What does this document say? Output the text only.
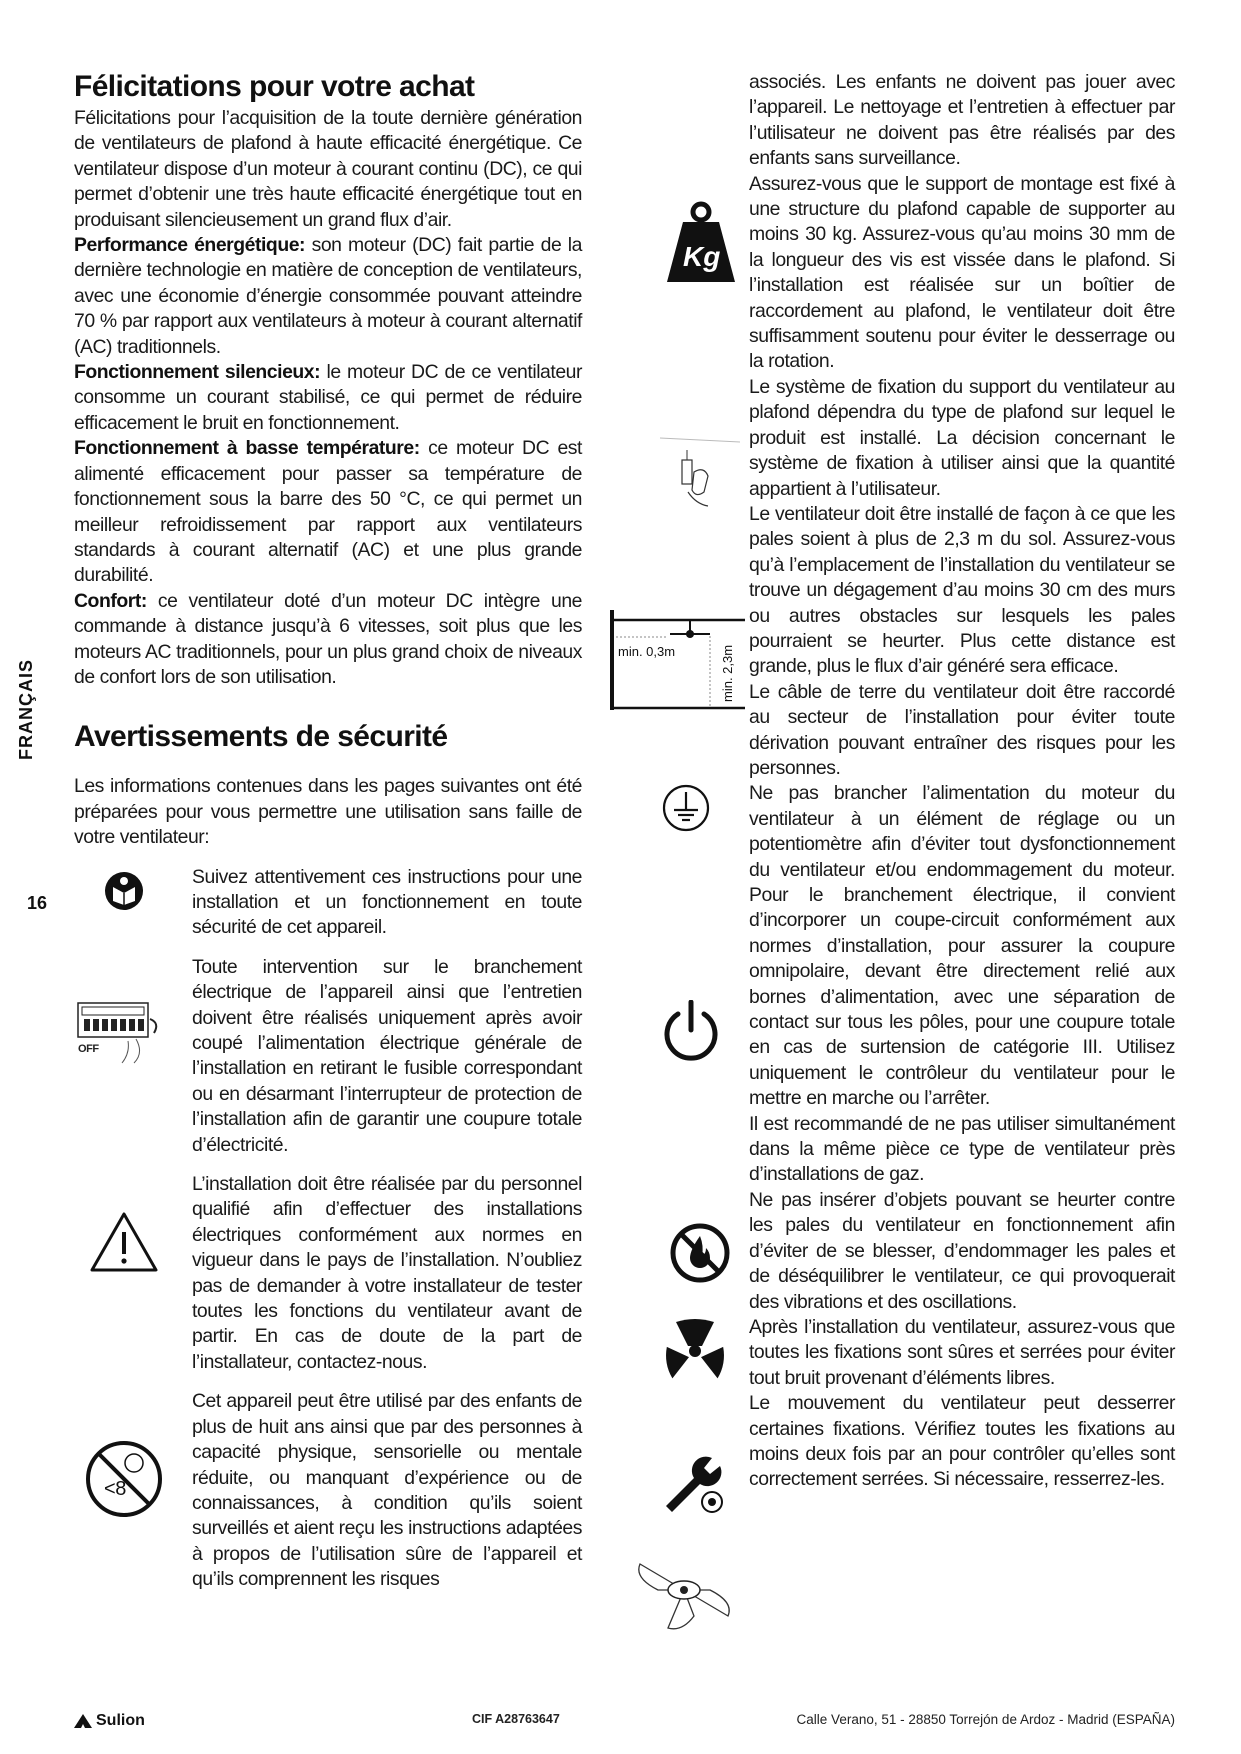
FRANÇAIS
16
Félicitations pour votre achat

Félicitations pour l’acquisition de la toute dernière génération de ventilateurs de plafond à haute efficacité énergétique. Ce ventilateur dispose d’un moteur à courant continu (DC), ce qui permet d’obtenir une très haute efficacité énergétique tout en produisant silencieusement un grand flux d’air.

Performance énergétique: son moteur (DC) fait partie de la dernière technologie en matière de conception de ventilateurs, avec une économie d’énergie consommée pouvant atteindre 70 % par rapport aux ventilateurs à moteur à courant alternatif (AC) traditionnels.

Fonctionnement silencieux: le moteur DC de ce ventilateur consomme un courant stabilisé, ce qui permet de réduire efficacement le bruit en fonctionnement.

Fonctionnement à basse température: ce moteur DC est alimenté efficacement pour passer sa température de fonctionnement sous la barre des 50 °C, ce qui permet un meilleur refroidissement par rapport aux ventilateurs standards à courant alternatif (AC) et une plus grande durabilité.

Confort: ce ventilateur doté d’un moteur DC intègre une commande à distance jusqu’à 6 vitesses, soit plus que les moteurs AC traditionnels, pour un plus grand choix de niveaux de confort lors de son utilisation.

Avertissements de sécurité

Les informations contenues dans les pages suivantes ont été préparées pour vous permettre une utilisation sans faille de votre ventilateur:

Suivez attentivement ces instructions pour une installation et un fonctionnement en toute sécurité de cet appareil.

OFF

Toute intervention sur le branchement électrique de l’appareil ainsi que l’entretien doivent être réalisés uniquement après avoir coupé l’alimentation électrique générale de l’installation en retirant le fusible correspondant ou en désarmant l’interrupteur de protection de l’installation afin de garantir une coupure totale d’électricité.

L’installation doit être réalisée par du personnel qualifié afin d’effectuer des installations électriques conformément aux normes en vigueur dans le pays de l’installation. N’oubliez pas de demander à votre installateur de tester toutes les fonctions du ventilateur avant de partir. En cas de doute de la part de l’installateur, contactez-nous.

<8

Cet appareil peut être utilisé par des enfants de plus de huit ans ainsi que par des personnes à capacité physique, sensorielle ou mentale réduite, ou manquant d’expérience ou de connaissances, à condition qu’ils soient surveillés et aient reçu les instructions adaptées à propos de l’utilisation sûre de l’appareil et qu’ils comprennent les risques

Kg
min. 0,3m	min. 2,3m

associés. Les enfants ne doivent pas jouer avec l’appareil. Le nettoyage et l’entretien à effectuer par l’utilisateur ne doivent pas être réalisés par des enfants sans surveillance.

Assurez-vous que le support de montage est fixé à une structure du plafond capable de supporter au moins 30 kg. Assurez-vous qu’au moins 30 mm de la longueur des vis est vissée dans le plafond. Si l’installation est réalisée sur un boîtier de raccordement au plafond, le ventilateur doit être suffisamment soutenu pour éviter le desserrage ou la rotation.

Le système de fixation du support du ventilateur au plafond dépendra du type de plafond sur lequel le produit est installé. La décision concernant le système de fixation à utiliser ainsi que la quantité appartient à l’utilisateur.

Le ventilateur doit être installé de façon à ce que les pales soient à plus de 2,3 m du sol. Assurez-vous qu’à l’emplacement de l’installation du ventilateur se trouve un dégagement d’au moins 30 cm des murs ou autres obstacles sur lesquels les pales pourraient se heurter. Plus cette distance est grande, plus le flux d’air généré sera efficace.

Le câble de terre du ventilateur doit être raccordé au secteur de l’installation pour éviter toute dérivation pouvant entraîner des risques pour les personnes.

Ne pas brancher l’alimentation du moteur du ventilateur à un élément de réglage ou un potentiomètre afin d’éviter tout dysfonctionnement du ventilateur et/ou endommagement du moteur. Pour le branchement électrique, il convient d’incorporer un coupe-circuit conformément aux normes d’installation, pour assurer la coupure omnipolaire, devant être directement relié aux bornes d’alimentation, avec une séparation de contact sur tous les pôles, pour une coupure totale en cas de surtension de catégorie III. Utilisez uniquement le contrôleur du ventilateur pour le mettre en marche ou l’arrêter.

Il est recommandé de ne pas utiliser simultanément dans la même pièce ce type de ventilateur près d’installations de gaz.

Ne pas insérer d’objets pouvant se heurter contre les pales du ventilateur en fonctionnement afin d’éviter de se blesser, d’endommager les pales et de déséquilibrer le ventilateur, ce qui provoquerait des vibrations et des oscillations.

Après l’installation du ventilateur, assurez-vous que toutes les fixations sont sûres et serrées pour éviter tout bruit provenant d’éléments libres.

Le mouvement du ventilateur peut desserrer certaines fixations. Vérifiez toutes les fixations au moins deux fois par an pour contrôler qu’elles sont correctement serrées. Si nécessaire, resserrez-les.

Sulion	CIF A28763647	Calle Verano, 51 - 28850 Torrejón de Ardoz - Madrid (ESPAÑA)
